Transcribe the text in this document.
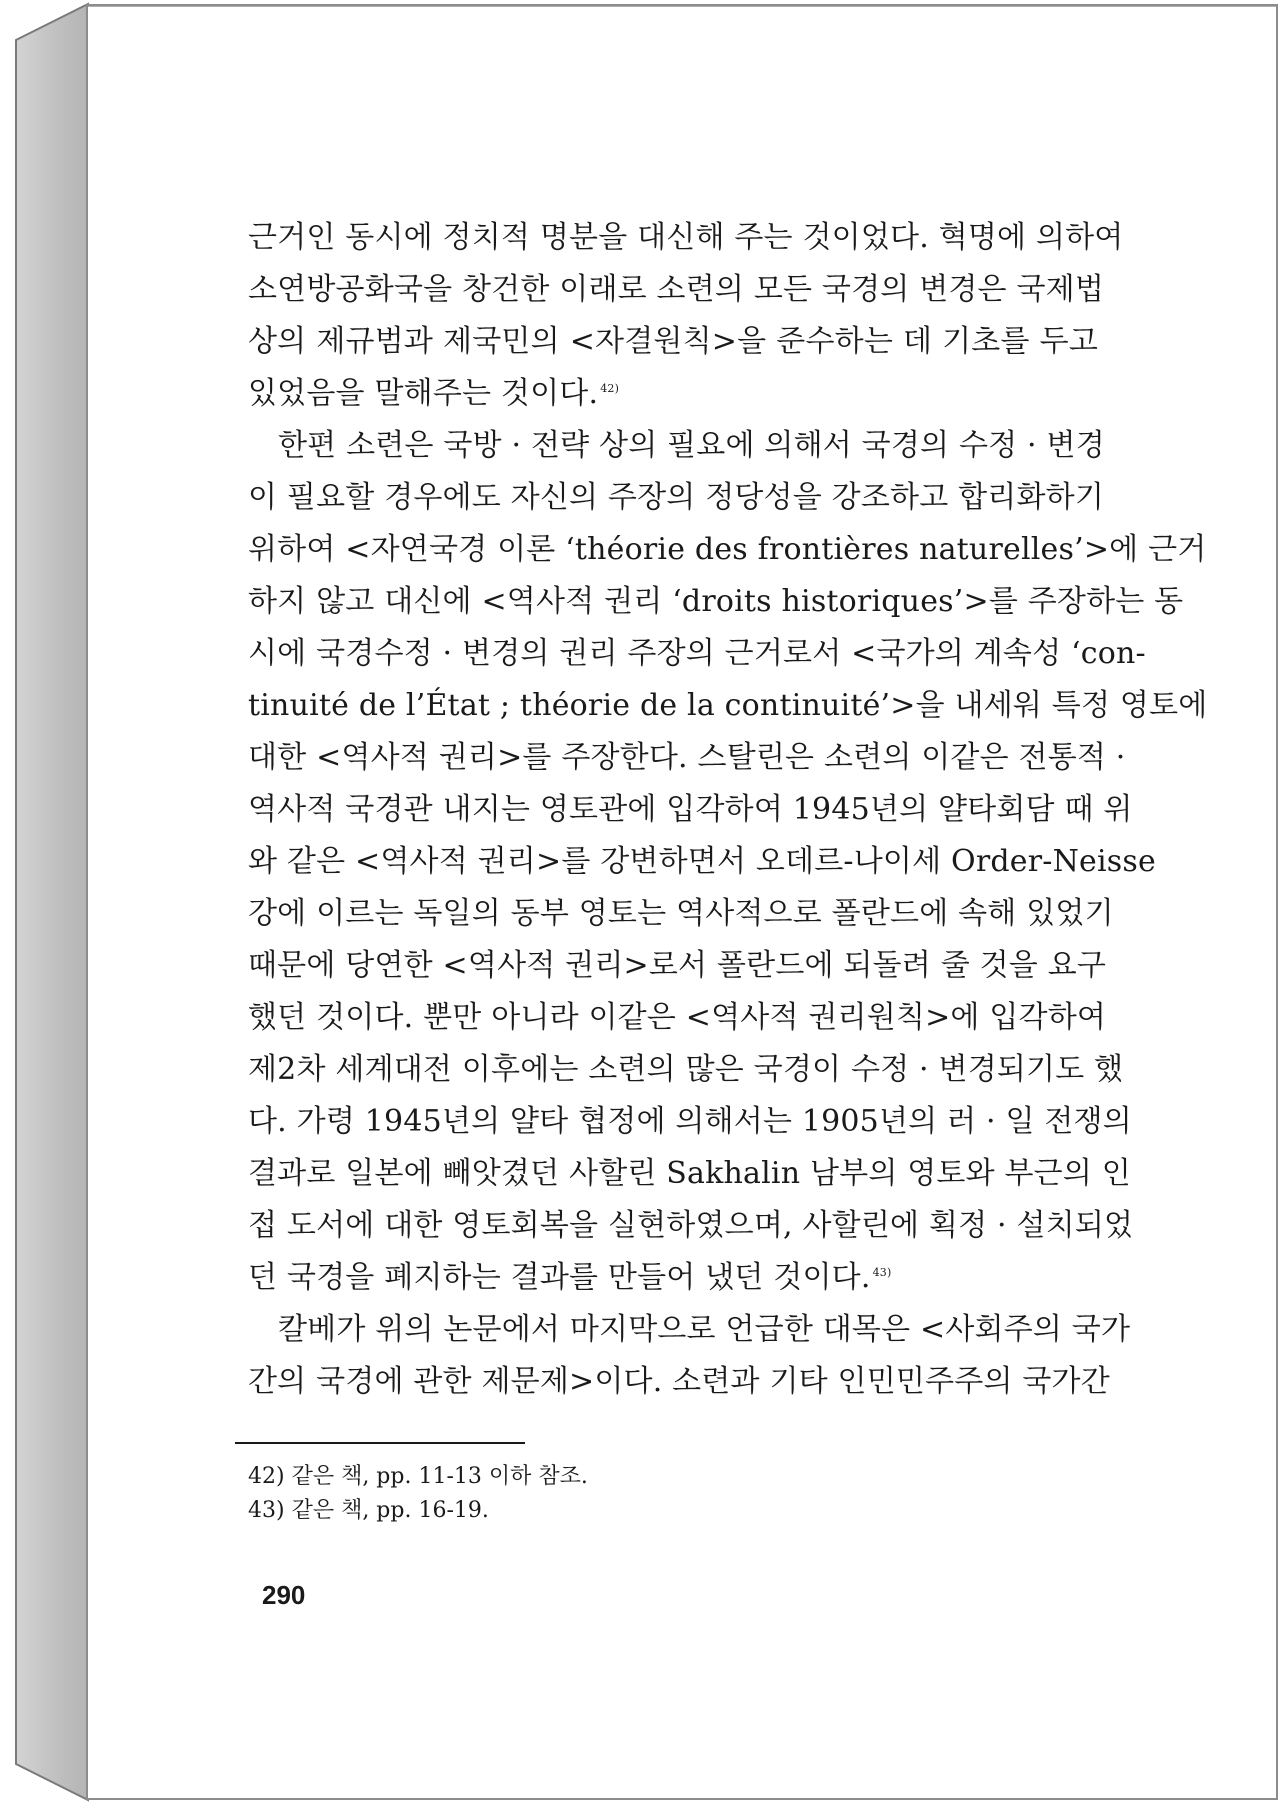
근거인 동시에 정치적 명분을 대신해 주는 것이었다. 혁명에 의하여
소연방공화국을 창건한 이래로 소련의 모든 국경의 변경은 국제법
상의 제규범과 제국민의 <자결원칙>을 준수하는 데 기초를 두고
있었음을 말해주는 것이다. $^{42)}$
한편 소련은 국방 · 전략 상의 필요에 의해서 국경의 수정 · 변경
이 필요할 경우에도 자신의 주장의 정당성을 강조하고 합리화하기
위하여 <자연국경 이론 ‘théorie des frontières naturelles’>에 근거
하지 않고 대신에 <역사적 권리 ‘droits historiques’>를 주장하는 동
시에 국경수정 · 변경의 권리 주장의 근거로서 <국가의 계속성 ‘con-
tinuité de l’État ; théorie de la continuité’>을 내세워 특정 영토에
대한 <역사적 권리>를 주장한다. 스탈린은 소련의 이같은 전통적 ·
역사적 국경관 내지는 영토관에 입각하여 1945년의 얄타회담 때 위
와 같은 <역사적 권리>를 강변하면서 오데르-나이세 Order-Neisse
강에 이르는 독일의 동부 영토는 역사적으로 폴란드에 속해 있었기
때문에 당연한 <역사적 권리>로서 폴란드에 되돌려 줄 것을 요구
했던 것이다. 뿐만 아니라 이같은 <역사적 권리원칙>에 입각하여
제2차 세계대전 이후에는 소련의 많은 국경이 수정 · 변경되기도 했
다. 가령 1945년의 얄타 협정에 의해서는 1905년의 러 · 일 전쟁의
결과로 일본에 빼앗겼던 사할린 Sakhalin 남부의 영토와 부근의 인
접 도서에 대한 영토회복을 실현하였으며, 사할린에 획정 · 설치되었
던 국경을 폐지하는 결과를 만들어 냈던 것이다. $^{43)}$
칼베가 위의 논문에서 마지막으로 언급한 대목은 <사회주의 국가
간의 국경에 관한 제문제>이다. 소련과 기타 인민민주주의 국가간
42) 같은 책, pp. 11-13 이하 참조.
43) 같은 책, pp. 16-19.
290
